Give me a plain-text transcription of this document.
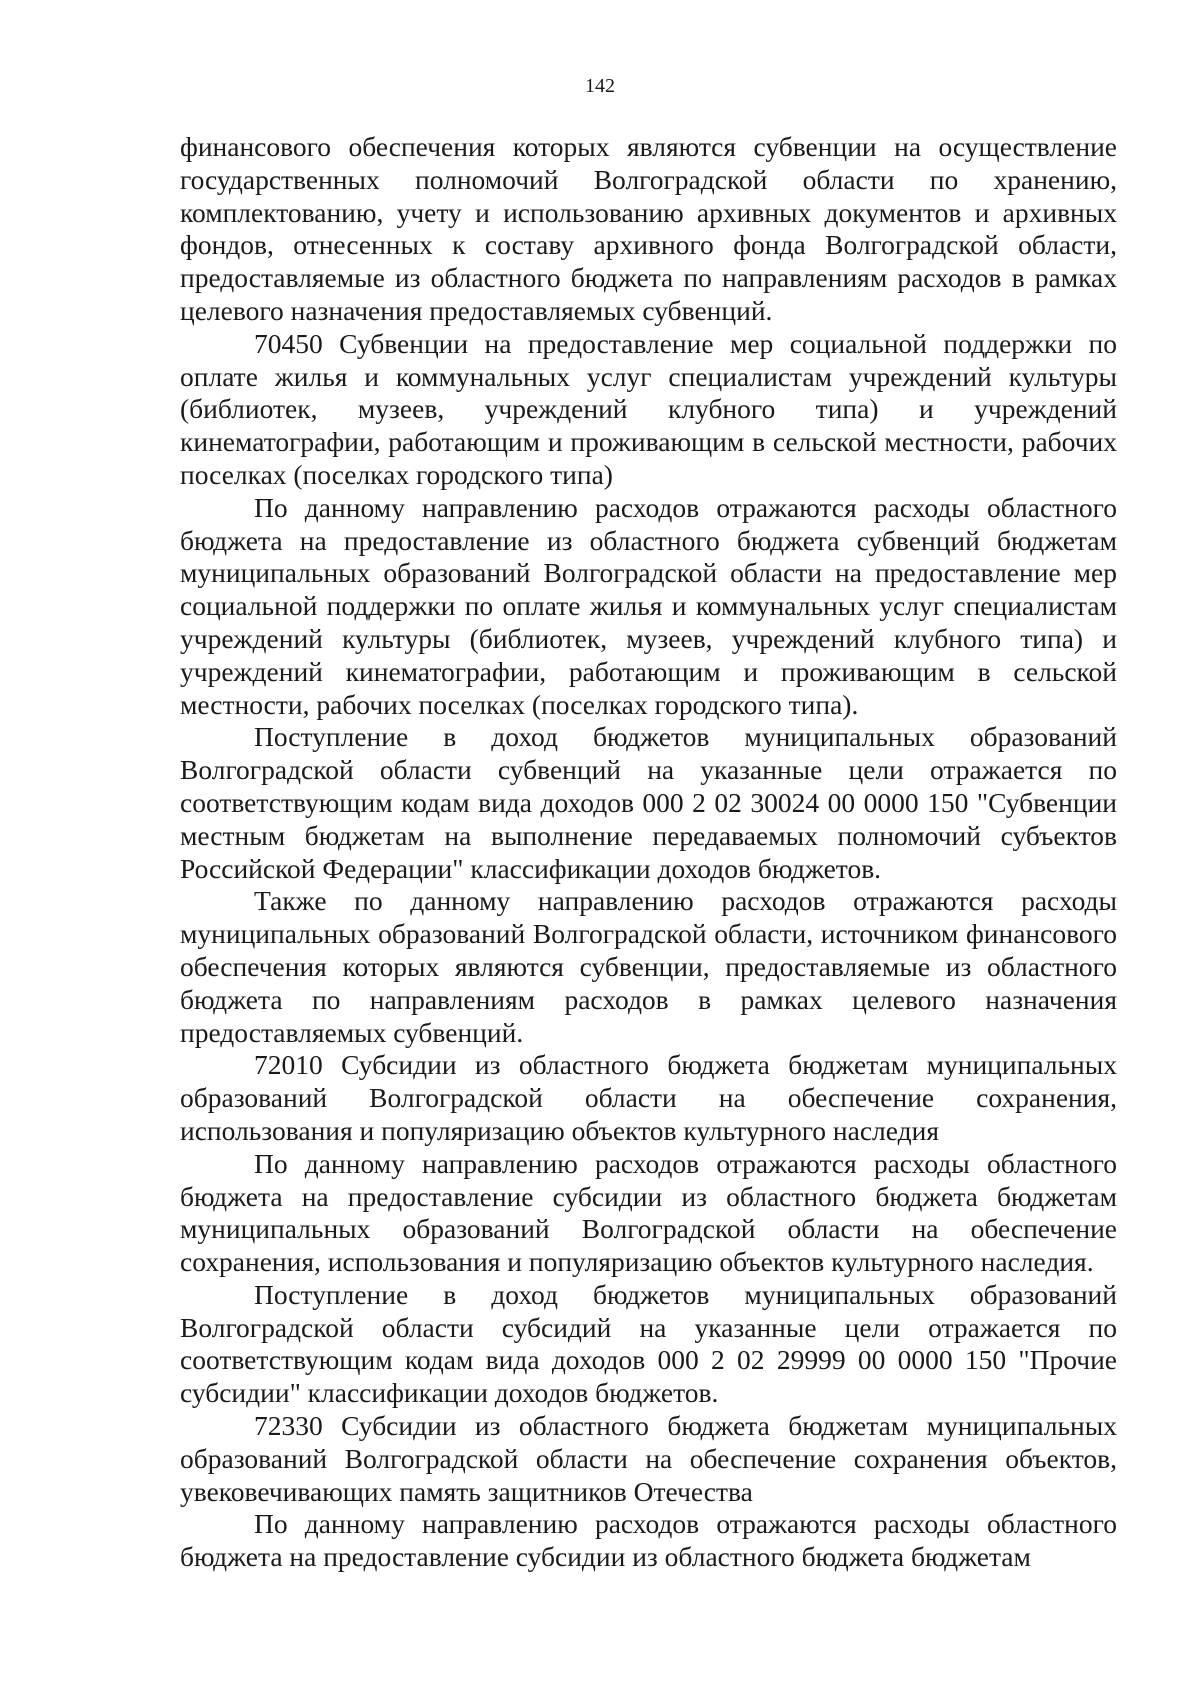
142

финансового обеспечения которых являются субвенции на осуществление государственных полномочий Волгоградской области по хранению, комплектованию, учету и использованию архивных документов и архивных фондов, отнесенных к составу архивного фонда Волгоградской области, предоставляемые из областного бюджета по направлениям расходов в рамках целевого назначения предоставляемых субвенций.

70450 Субвенции на предоставление мер социальной поддержки по оплате жилья и коммунальных услуг специалистам учреждений культуры (библиотек, музеев, учреждений клубного типа) и учреждений кинематографии, работающим и проживающим в сельской местности, рабочих поселках (поселках городского типа)

По данному направлению расходов отражаются расходы областного бюджета на предоставление из областного бюджета субвенций бюджетам муниципальных образований Волгоградской области на предоставление мер социальной поддержки по оплате жилья и коммунальных услуг специалистам учреждений культуры (библиотек, музеев, учреждений клубного типа) и учреждений кинематографии, работающим и проживающим в сельской местности, рабочих поселках (поселках городского типа).

Поступление в доход бюджетов муниципальных образований Волгоградской области субвенций на указанные цели отражается по соответствующим кодам вида доходов 000 2 02 30024 00 0000 150 "Субвенции местным бюджетам на выполнение передаваемых полномочий субъектов Российской Федерации" классификации доходов бюджетов.

Также по данному направлению расходов отражаются расходы муниципальных образований Волгоградской области, источником финансового обеспечения которых являются субвенции, предоставляемые из областного бюджета по направлениям расходов в рамках целевого назначения предоставляемых субвенций.

72010 Субсидии из областного бюджета бюджетам муниципальных образований Волгоградской области на обеспечение сохранения, использования и популяризацию объектов культурного наследия

По данному направлению расходов отражаются расходы областного бюджета на предоставление субсидии из областного бюджета бюджетам муниципальных образований Волгоградской области на обеспечение сохранения, использования и популяризацию объектов культурного наследия.

Поступление в доход бюджетов муниципальных образований Волгоградской области субсидий на указанные цели отражается по соответствующим кодам вида доходов 000 2 02 29999 00 0000 150 "Прочие субсидии" классификации доходов бюджетов.

72330 Субсидии из областного бюджета бюджетам муниципальных образований Волгоградской области на обеспечение сохранения объектов, увековечивающих память защитников Отечества

По данному направлению расходов отражаются расходы областного бюджета на предоставление субсидии из областного бюджета бюджетам
